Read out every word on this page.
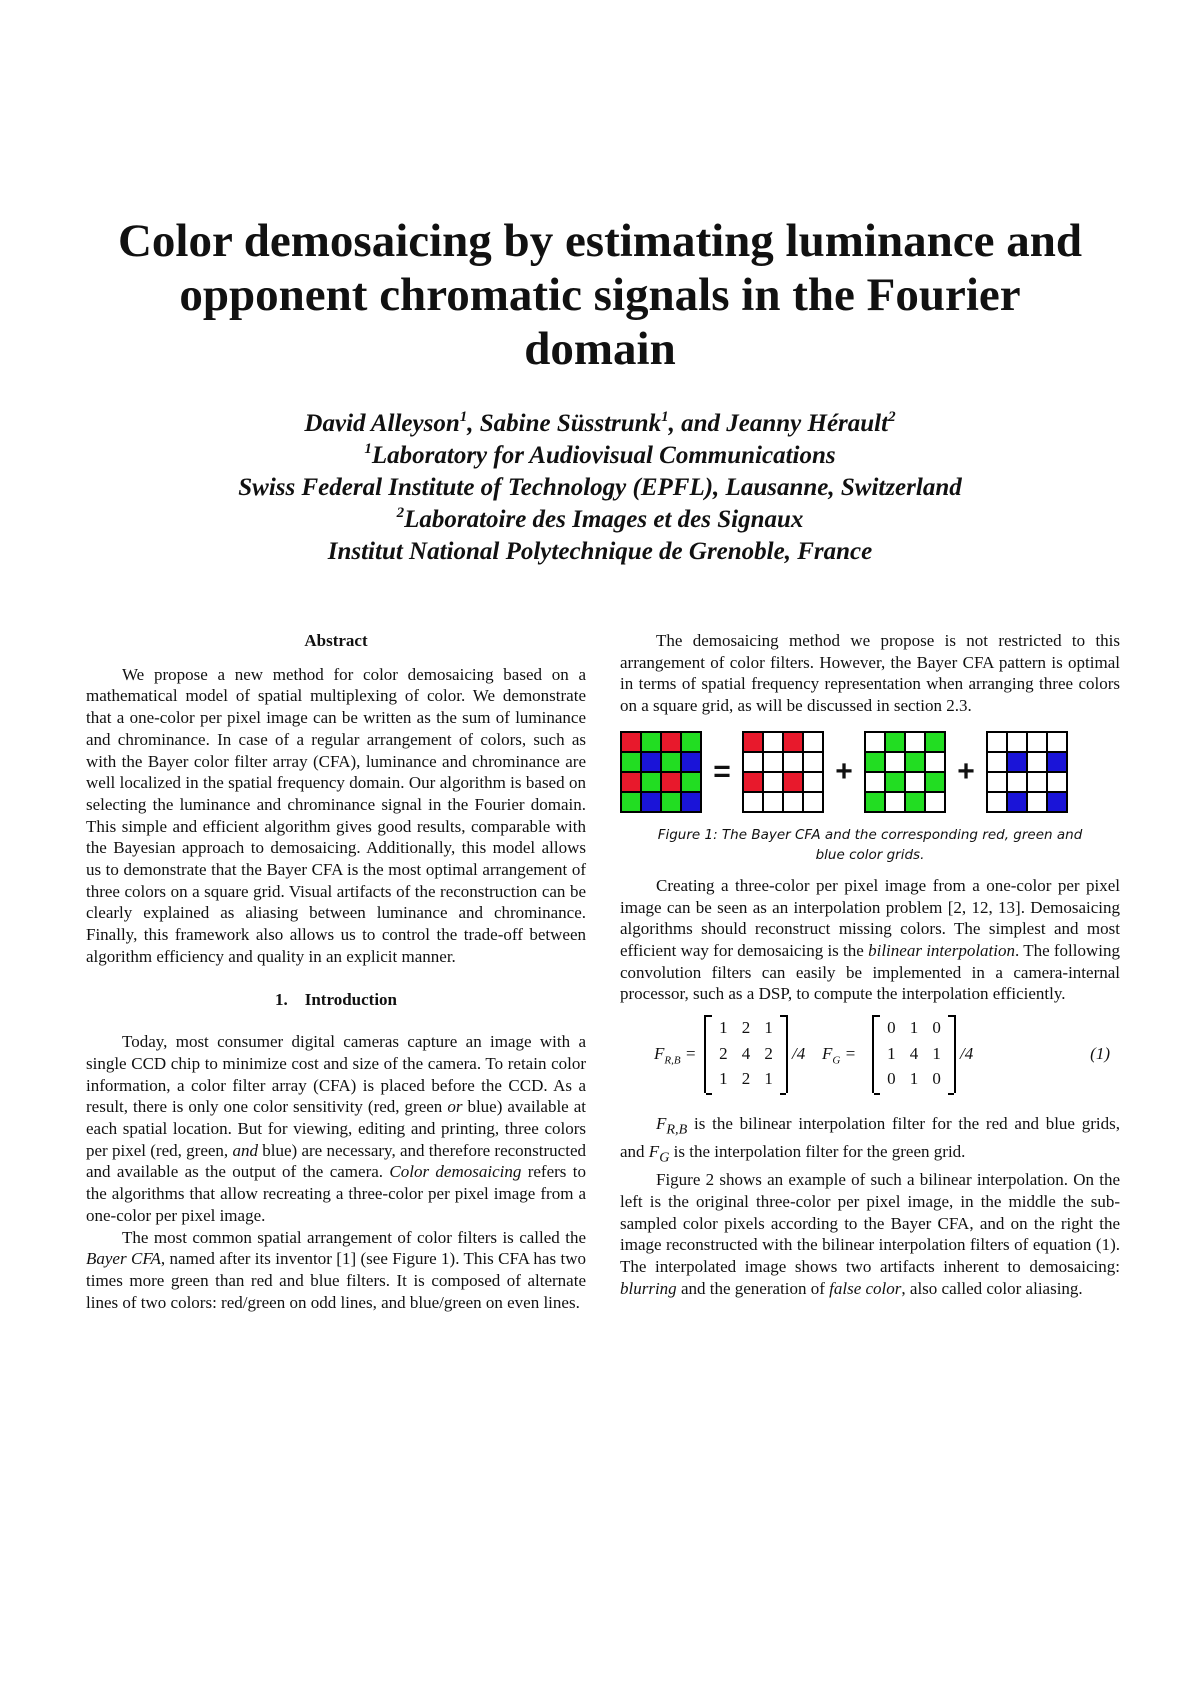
Color demosaicing by estimating luminance and
opponent chromatic signals in the Fourier
domain
David Alleyson$^1$, Sabine Süsstrunk$^1$, and Jeanny Hérault$^2$
$^1$Laboratory for Audiovisual Communications
Swiss Federal Institute of Technology (EPFL), Lausanne, Switzerland
$^2$Laboratoire des Images et des Signaux
Institut National Polytechnique de Grenoble, France
Abstract

We propose a new method for color demosaicing based on a mathematical model of spatial multiplexing of color. We demonstrate that a one-color per pixel image can be written as the sum of luminance and chrominance. In case of a regular arrangement of colors, such as with the Bayer color filter array (CFA), luminance and chrominance are well localized in the spatial frequency domain. Our algorithm is based on selecting the luminance and chrominance signal in the Fourier domain. This simple and efficient algorithm gives good results, comparable with the Bayesian approach to demosaicing. Additionally, this model allows us to demonstrate that the Bayer CFA is the most optimal arrangement of three colors on a square grid. Visual artifacts of the reconstruction can be clearly explained as aliasing between luminance and chrominance. Finally, this framework also allows us to control the trade-off between algorithm efficiency and quality in an explicit manner.

1.    Introduction

Today, most consumer digital cameras capture an image with a single CCD chip to minimize cost and size of the camera. To retain color information, a color filter array (CFA) is placed before the CCD. As a result, there is only one color sensitivity (red, green or blue) available at each spatial location. But for viewing, editing and printing, three colors per pixel (red, green, and blue) are necessary, and therefore reconstructed and available as the output of the camera. Color demosaicing refers to the algorithms that allow recreating a three-color per pixel image from a one-color per pixel image.

The most common spatial arrangement of color filters is called the Bayer CFA, named after its inventor [1] (see Figure 1). This CFA has two times more green than red and blue filters. It is composed of alternate lines of two colors: red/green on odd lines, and blue/green on even lines.

The demosaicing method we propose is not restricted to this arrangement of color filters. However, the Bayer CFA pattern is optimal in terms of spatial frequency representation when arranging three colors on a square grid, as will be discussed in section 2.3.

=	+	+
Figure 1: The Bayer CFA and the corresponding red, green and
blue color grids.

Creating a three-color per pixel image from a one-color per pixel image can be seen as an interpolation problem [2, 12, 13]. Demosaicing algorithms should reconstruct missing colors. The simplest and most efficient way for demosaicing is the bilinear interpolation. The following convolution filters can easily be implemented in a camera-internal processor, such as a DSP, to compute the interpolation efficiently.

$F_{R,B}$ =
1 2 1
2 4 2
1 2 1
/4 $F_G$ =
0 1 0
1 4 1
0 1 0
/4	(1)

$F_{R,B}$ is the bilinear interpolation filter for the red and blue grids, and $F_G$ is the interpolation filter for the green grid.

Figure 2 shows an example of such a bilinear interpolation. On the left is the original three-color per pixel image, in the middle the sub-sampled color pixels according to the Bayer CFA, and on the right the image reconstructed with the bilinear interpolation filters of equation (1). The interpolated image shows two artifacts inherent to demosaicing: blurring and the generation of false color, also called color aliasing.
